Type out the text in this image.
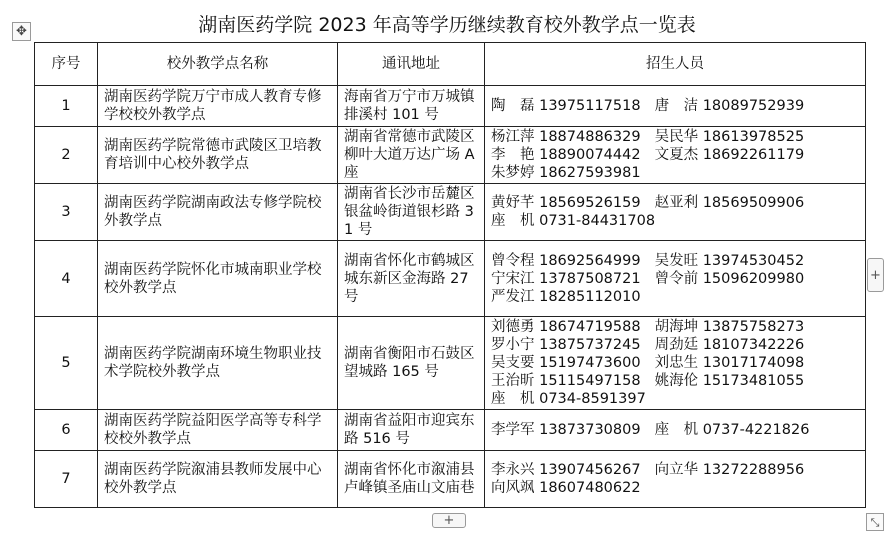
✥	湖南医药学院 2023 年高等学历继续教育校外教学点一览表
序号	校外教学点名称	通讯地址	招生人员
1	湖南医药学院万宁市成人教育专修学校校外教学点	海南省万宁市万城镇排溪村 101 号	陶　磊 13975117518 唐　洁 18089752939

2	湖南医药学院常德市武陵区卫培教育培训中心校外教学点	湖南省常德市武陵区柳叶大道万达广场 A 座	杨江萍 18874886329 吴民华 18613978525
李　艳 18890074442 文夏杰 18692261179
朱梦婷 18627593981

3	湖南医药学院湖南政法专修学院校外教学点	湖南省长沙市岳麓区银盆岭街道银杉路 31 号	黄妤芊 18569526159 赵亚利 18569509906
座　机 0731-84431708

4	湖南医药学院怀化市城南职业学校校外教学点	湖南省怀化市鹤城区城东新区金海路 27 号	曾令程 18692564999 吴发旺 13974530452
宁宋江 13787508721 曾令前 15096209980
严发江 18285112010

5	湖南医药学院湖南环境生物职业技术学院校外教学点	湖南省衡阳市石鼓区望城路 165 号	刘德勇 18674719588 胡海坤 13875758273
罗小宁 13875737245 周劲廷 18107342226
吴支要 15197473600 刘忠生 13017174098
王治昕 15115497158 姚海伦 15173481055
座　机 0734-8591397

6	湖南医药学院益阳医学高等专科学校校外教学点	湖南省益阳市迎宾东路 516 号	李学军 13873730809 座　机 0737-4221826

7	湖南医药学院溆浦县教师发展中心校外教学点	湖南省怀化市溆浦县卢峰镇圣庙山文庙巷	李永兴 13907456267 向立华 13272288956
向风飒 18607480622
+
+	⤡
